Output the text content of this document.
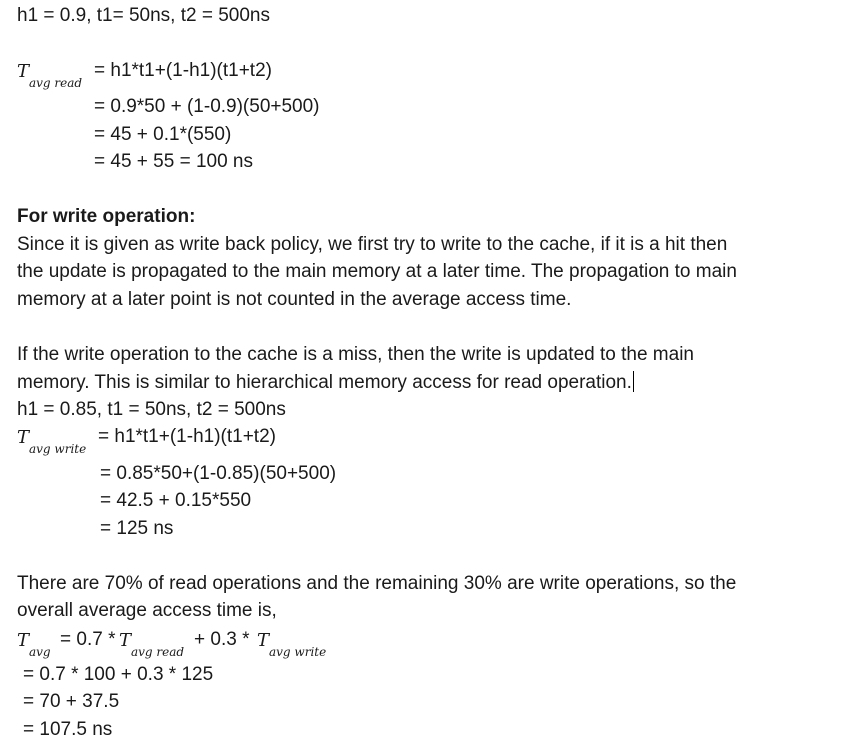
h1 = 0.9, t1= 50ns, t2 = 500ns
T
avg read
= h1*t1+(1-h1)(t1+t2)
= 0.9*50 + (1-0.9)(50+500)
= 45 + 0.1*(550)
= 45 + 55 = 100 ns
For write operation:
Since it is given as write back policy, we first try to write to the cache, if it is a hit then
the update is propagated to the main memory at a later time. The propagation to main
memory at a later point is not counted in the average access time.
If the write operation to the cache is a miss, then the write is updated to the main
memory. This is similar to hierarchical memory access for read operation.
h1 = 0.85, t1 = 50ns, t2 = 500ns
T
avg write
= h1*t1+(1-h1)(t1+t2)
= 0.85*50+(1-0.85)(50+500)
= 42.5 + 0.15*550
= 125 ns
There are 70% of read operations and the remaining 30% are write operations, so the
overall average access time is,
T
avg
= 0.7 * T
avg read
+ 0.3 * T
avg write
= 0.7 * 100 + 0.3 * 125
= 70 + 37.5
= 107.5 ns
